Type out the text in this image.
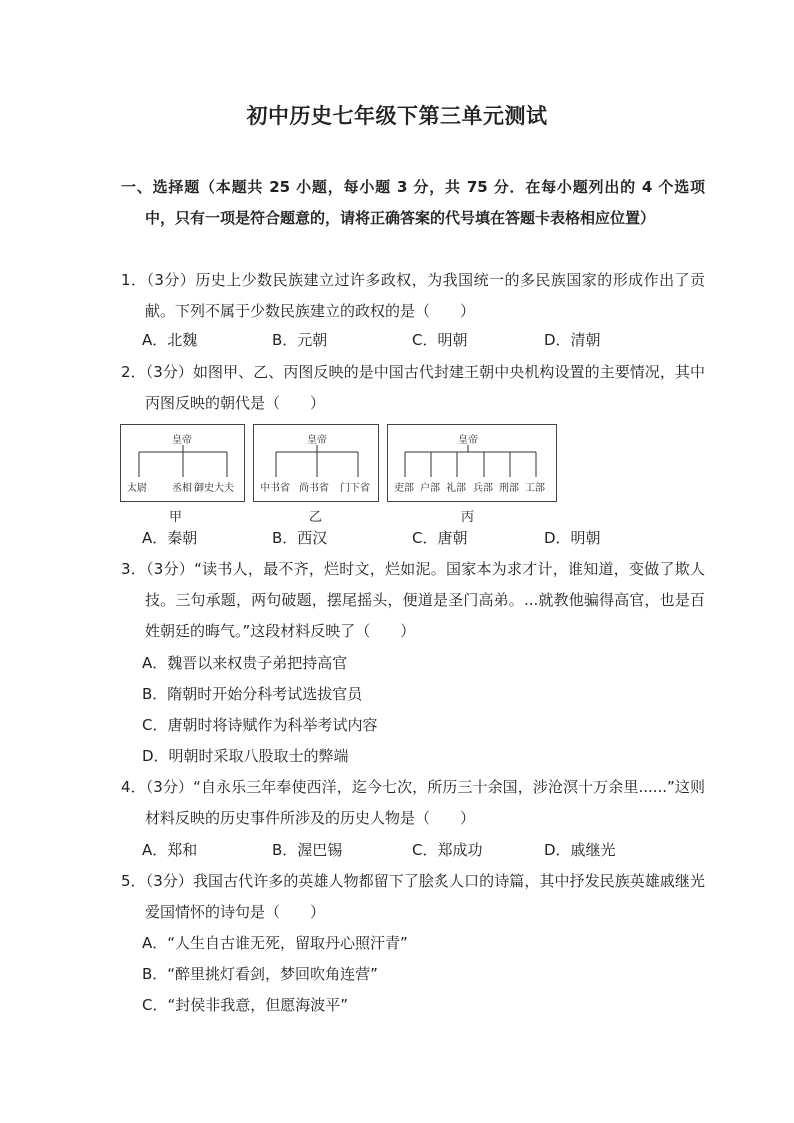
初中历史七年级下第三单元测试
一、选择题（本题共 25 小题，每小题 3 分，共 75 分．在每小题列出的 4 个选项中，只有一项是符合题意的，请将正确答案的代号填在答题卡表格相应位置）
1．（3分）历史上少数民族建立过许多政权，为我国统一的多民族国家的形成作出了贡献。下列不属于少数民族建立的政权的是（　　）
A．北魏	B．元朝	C．明朝	D．清朝
2．（3分）如图甲、乙、丙图反映的是中国古代封建王朝中央机构设置的主要情况，其中丙图反映的朝代是（　　）
皇帝
太尉	丞相 御史大夫
甲
皇帝
中书省 尚书省 门下省
乙
皇帝
吏部 户部 礼部 兵部 刑部 工部
丙
A．秦朝	B．西汉	C．唐朝	D．明朝
3．（3分）“读书人，最不齐，烂时文，烂如泥。国家本为求才计，谁知道，变做了欺人技。三句承题，两句破题，摆尾摇头，便道是圣门高弟。...就教他骗得高官，也是百姓朝廷的晦气。”这段材料反映了（　　）
A．魏晋以来权贵子弟把持高官
B．隋朝时开始分科考试选拔官员
C．唐朝时将诗赋作为科举考试内容
D．明朝时采取八股取士的弊端
4．（3分）“自永乐三年奉使西洋，迄今七次，所历三十余国，涉沧溟十万余里......”这则材料反映的历史事件所涉及的历史人物是（　　）
A．郑和	B．渥巴锡	C．郑成功	D．戚继光
5．（3分）我国古代许多的英雄人物都留下了脍炙人口的诗篇，其中抒发民族英雄戚继光爱国情怀的诗句是（　　）
A．“人生自古谁无死，留取丹心照汗青”
B．“醉里挑灯看剑，梦回吹角连营”
C．“封侯非我意，但愿海波平”
